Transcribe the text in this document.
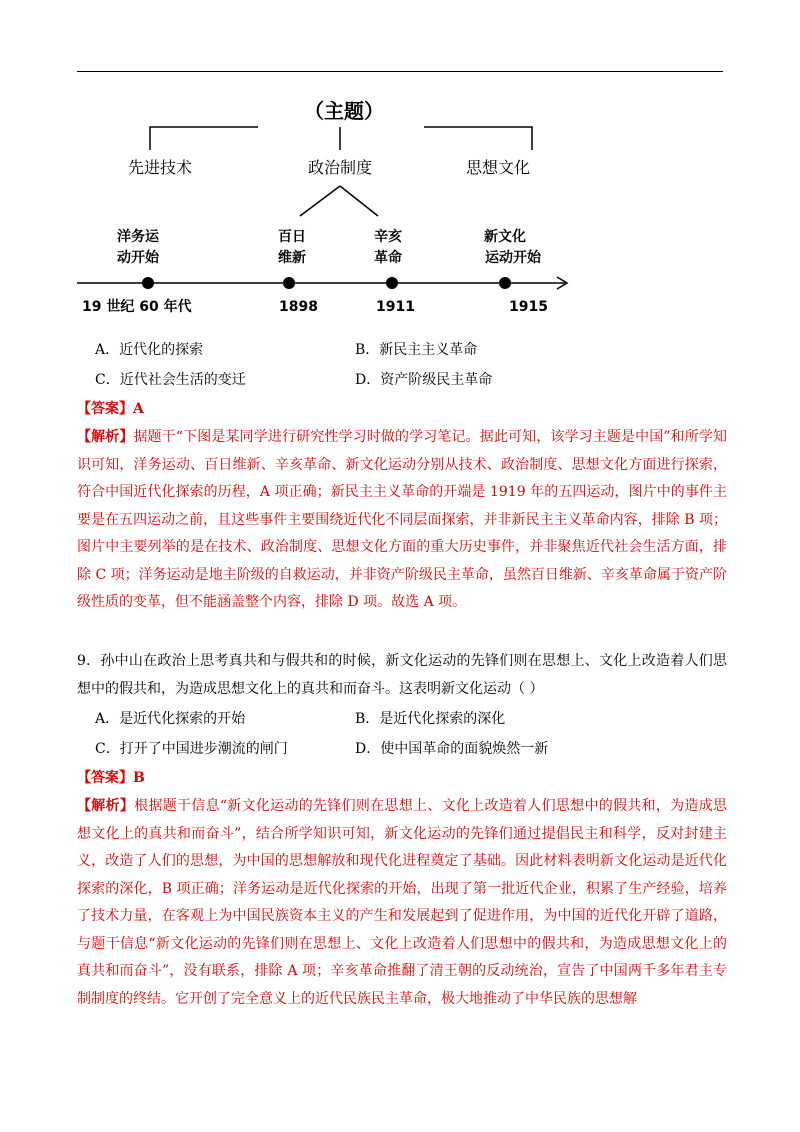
（主题）
先进技术	政治制度	思想文化
洋务运
动开始
百日
维新
辛亥
革命
新文化
运动开始
19 世纪 60 年代	1898	1911	1915
A．近代化的探索	B．新民主主义革命
C．近代社会生活的变迁	D．资产阶级民主革命
【答案】A
【解析】据题干“下图是某同学进行研究性学习时做的学习笔记。据此可知，该学习主题是中国”和所学知识可知，洋务运动、百日维新、辛亥革命、新文化运动分别从技术、政治制度、思想文化方面进行探索，符合中国近代化探索的历程，A 项正确；新民主主义革命的开端是 1919 年的五四运动，图片中的事件主要是在五四运动之前，且这些事件主要围绕近代化不同层面探索，并非新民主主义革命内容，排除 B 项；图片中主要列举的是在技术、政治制度、思想文化方面的重大历史事件，并非聚焦近代社会生活方面，排除 C 项；洋务运动是地主阶级的自救运动，并非资产阶级民主革命，虽然百日维新、辛亥革命属于资产阶级性质的变革，但不能涵盖整个内容，排除 D 项。故选 A 项。
9．孙中山在政治上思考真共和与假共和的时候，新文化运动的先锋们则在思想上、文化上改造着人们思想中的假共和，为造成思想文化上的真共和而奋斗。这表明新文化运动（ ）
A．是近代化探索的开始	B．是近代化探索的深化
C．打开了中国进步潮流的闸门	D．使中国革命的面貌焕然一新
【答案】B
【解析】根据题干信息“新文化运动的先锋们则在思想上、文化上改造着人们思想中的假共和，为造成思想文化上的真共和而奋斗”，结合所学知识可知，新文化运动的先锋们通过提倡民主和科学，反对封建主义，改造了人们的思想，为中国的思想解放和现代化进程奠定了基础。因此材料表明新文化运动是近代化探索的深化，B 项正确；洋务运动是近代化探索的开始，出现了第一批近代企业，积累了生产经验，培养了技术力量，在客观上为中国民族资本主义的产生和发展起到了促进作用，为中国的近代化开辟了道路，与题干信息“新文化运动的先锋们则在思想上、文化上改造着人们思想中的假共和，为造成思想文化上的真共和而奋斗”，没有联系，排除 A 项；辛亥革命推翻了清王朝的反动统治，宣告了中国两千多年君主专制制度的终结。它开创了完全意义上的近代民族民主革命，极大地推动了中华民族的思想解
